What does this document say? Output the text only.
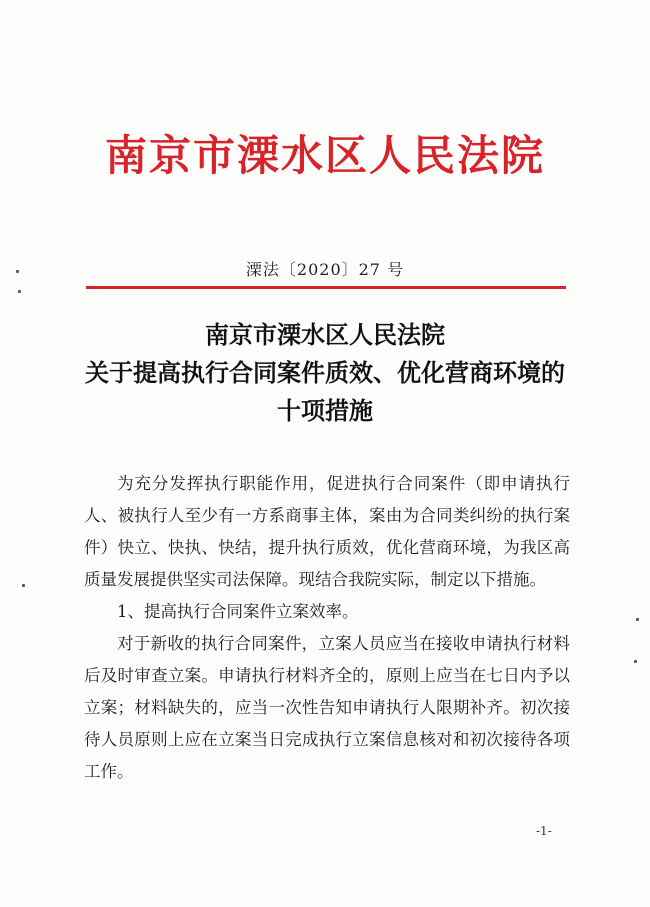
南京市溧水区人民法院
溧法〔2020〕27 号
南京市溧水区人民法院
关于提高执行合同案件质效、优化营商环境的
十项措施

为充分发挥执行职能作用，促进执行合同案件（即申请执行人、被执行人至少有一方系商事主体，案由为合同类纠纷的执行案件）快立、快执、快结，提升执行质效，优化营商环境，为我区高质量发展提供坚实司法保障。现结合我院实际，制定以下措施。

1、提高执行合同案件立案效率。

对于新收的执行合同案件，立案人员应当在接收申请执行材料后及时审查立案。申请执行材料齐全的，原则上应当在七日内予以立案；材料缺失的，应当一次性告知申请执行人限期补齐。初次接待人员原则上应在立案当日完成执行立案信息核对和初次接待各项工作。

-1-
